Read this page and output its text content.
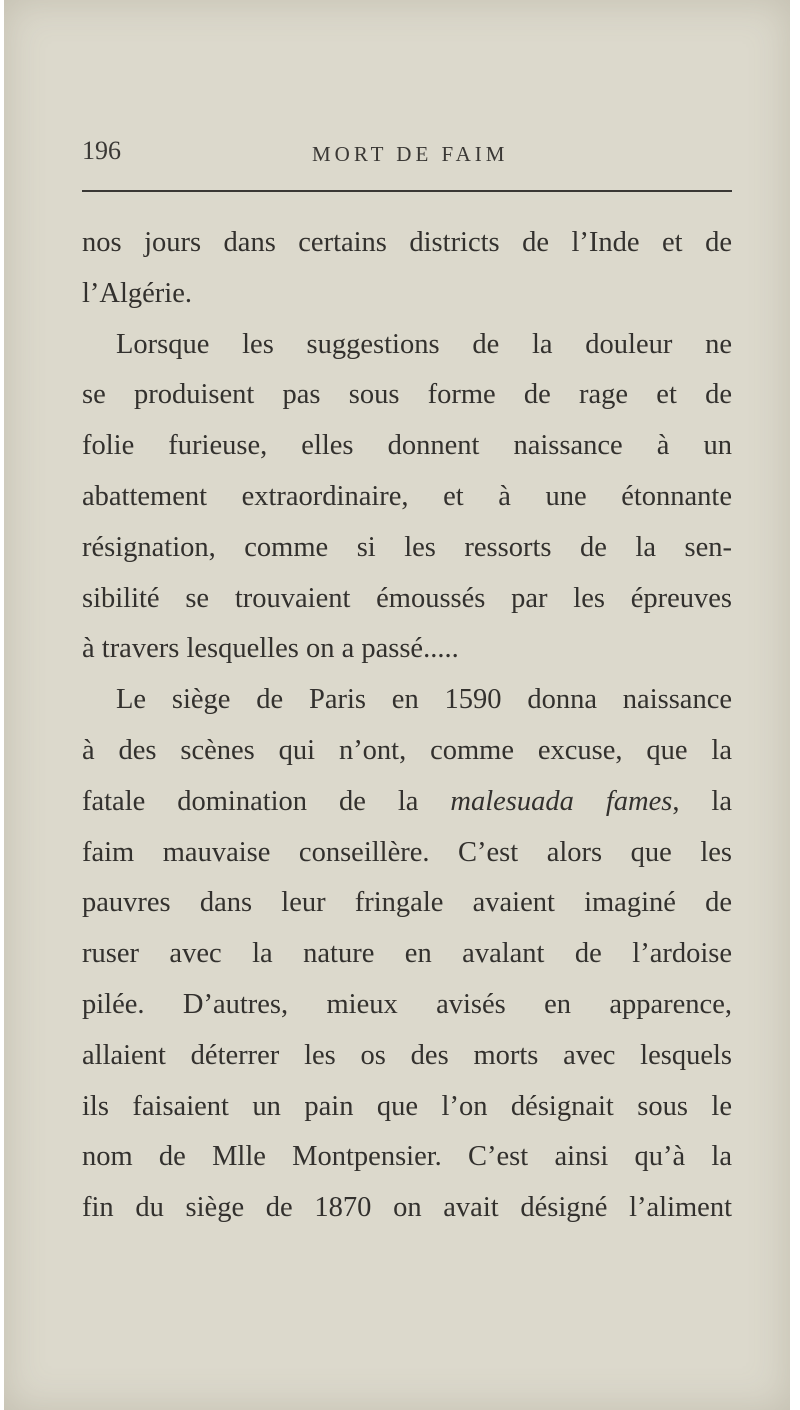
196	MORT DE FAIM
nos jours dans certains districts de l’Inde et de
l’Algérie.
Lorsque les suggestions de la douleur ne
se produisent pas sous forme de rage et de
folie furieuse, elles donnent naissance à un
abattement extraordinaire, et à une étonnante
résignation, comme si les ressorts de la sen-
sibilité se trouvaient émoussés par les épreuves
à travers lesquelles on a passé.....
Le siège de Paris en 1590 donna naissance
à des scènes qui n’ont, comme excuse, que la
fatale domination de la malesuada fames, la
faim mauvaise conseillère. C’est alors que les
pauvres dans leur fringale avaient imaginé de
ruser avec la nature en avalant de l’ardoise
pilée. D’autres, mieux avisés en apparence,
allaient déterrer les os des morts avec lesquels
ils faisaient un pain que l’on désignait sous le
nom de Mlle Montpensier. C’est ainsi qu’à la
fin du siège de 1870 on avait désigné l’aliment
